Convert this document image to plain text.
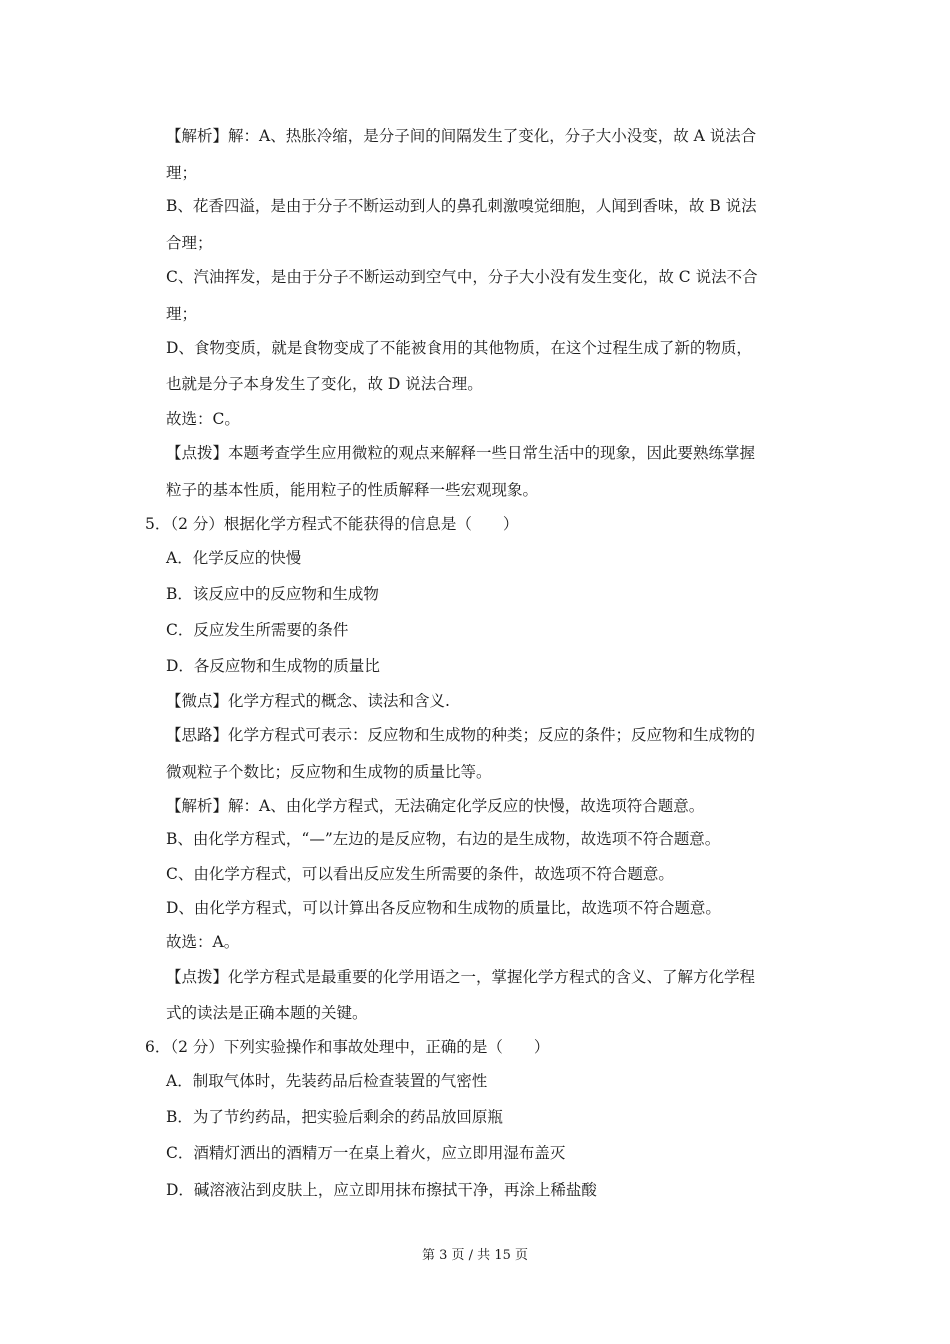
【解析】解：A、热胀冷缩，是分子间的间隔发生了变化，分子大小没变，故 A 说法合
理；
B、花香四溢，是由于分子不断运动到人的鼻孔刺激嗅觉细胞，人闻到香味，故 B 说法
合理；
C、汽油挥发，是由于分子不断运动到空气中，分子大小没有发生变化，故 C 说法不合
理；
D、食物变质，就是食物变成了不能被食用的其他物质，在这个过程生成了新的物质，
也就是分子本身发生了变化，故 D 说法合理。
故选：C。
【点拨】本题考查学生应用微粒的观点来解释一些日常生活中的现象，因此要熟练掌握
粒子的基本性质，能用粒子的性质解释一些宏观现象。
5．（2 分）根据化学方程式不能获得的信息是（　　）
A．化学反应的快慢
B．该反应中的反应物和生成物
C．反应发生所需要的条件
D．各反应物和生成物的质量比
【微点】化学方程式的概念、读法和含义.
【思路】化学方程式可表示：反应物和生成物的种类；反应的条件；反应物和生成物的
微观粒子个数比；反应物和生成物的质量比等。
【解析】解：A、由化学方程式，无法确定化学反应的快慢，故选项符合题意。
B、由化学方程式，“—”左边的是反应物，右边的是生成物，故选项不符合题意。
C、由化学方程式，可以看出反应发生所需要的条件，故选项不符合题意。
D、由化学方程式，可以计算出各反应物和生成物的质量比，故选项不符合题意。
故选：A。
【点拨】化学方程式是最重要的化学用语之一，掌握化学方程式的含义、了解方化学程
式的读法是正确本题的关键。
6．（2 分）下列实验操作和事故处理中，正确的是（　　）
A．制取气体时，先装药品后检查装置的气密性
B．为了节约药品，把实验后剩余的药品放回原瓶
C．酒精灯洒出的酒精万一在桌上着火，应立即用湿布盖灭
D．碱溶液沾到皮肤上，应立即用抹布擦拭干净，再涂上稀盐酸
第 3 页 / 共 15 页
